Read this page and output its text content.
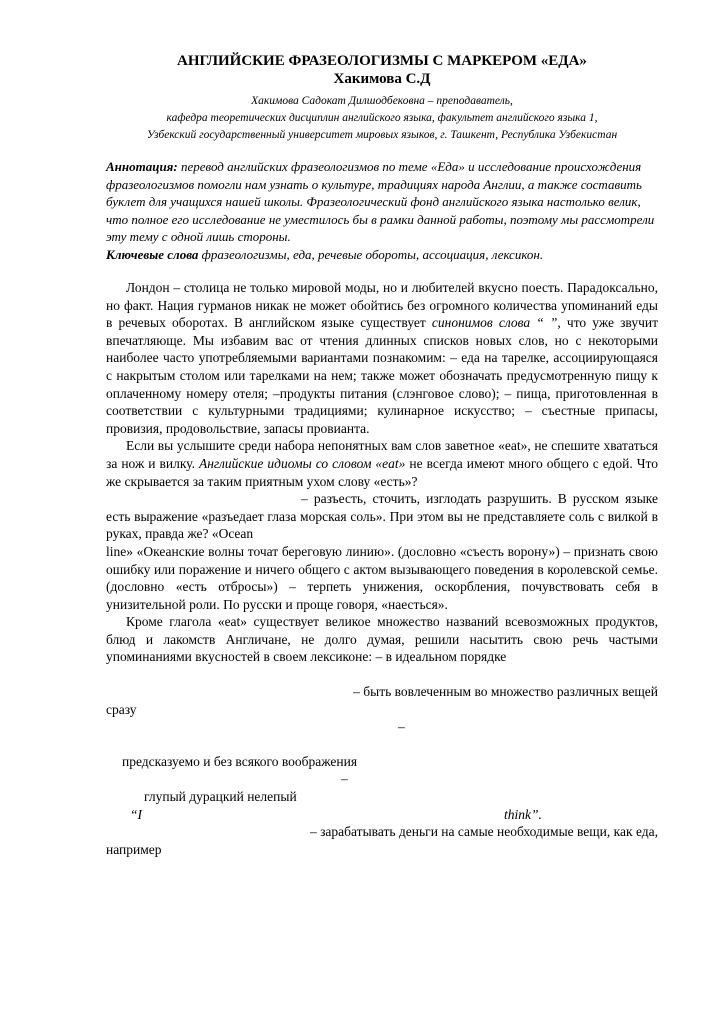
АНГЛИЙСКИЕ ФРАЗЕОЛОГИЗМЫ С МАРКЕРОМ «ЕДА»
Хакимова С.Д
Хакимова Садокат Дилшодбековна – преподаватель,
кафедра теоретических дисциплин английского языка, факультет английского языка 1,
Узбекский государственный университет мировых языков, г. Ташкент, Республика Узбекистан
Аннотация: перевод английских фразеологизмов по теме «Еда» и исследование происхождения фразеологизмов помогли нам узнать о культуре, традициях народа Англии, а также составить буклет для учащихся нашей школы. Фразеологический фонд английского языка настолько велик, что полное его исследование не уместилось бы в рамки данной работы, поэтому мы рассмотрели эту тему с одной лишь стороны.
Ключевые слова фразеологизмы, еда, речевые обороты, ассоциация, лексикон.

Лондон – столица не только мировой моды, но и любителей вкусно поесть. Парадоксально, но факт. Нация гурманов никак не может обойтись без огромного количества упоминаний еды в речевых оборотах. В английском языке существует синонимов слова “ ”, что уже звучит впечатляюще. Мы избавим вас от чтения длинных списков новых слов, но с некоторыми наиболее часто употребляемыми вариантами познакомим: – еда на тарелке, ассоциирующаяся с накрытым столом или тарелками на нем; также может обозначать предусмотренную пищу к оплаченному номеру отеля; –продукты питания (слэнговое слово); – пища, приготовленная в соответствии с культурными традициями; кулинарное искусство; – съестные припасы, провизия, продовольствие, запасы провианта.

Если вы услышите среди набора непонятных вам слов заветное «eat», не спешите хвататься за нож и вилку. Английские идиомы со словом «eat» не всегда имеют много общего с едой. Что же скрывается за таким приятным ухом слову «есть»?

– разъесть, сточить, изглодать разрушить. В русском языке есть выражение «разъедает глаза морская соль». При этом вы не представляете соль с вилкой в руках, правда же? «Ocean

line» «Океанские волны точат береговую линию». (дословно «съесть ворону») – признать свою ошибку или поражение и ничего общего с актом вызывающего поведения в королевской семье. (дословно «есть отбросы») – терпеть унижения, оскорбления, почувствовать себя в унизительной роли. По русски и проще говоря, «наесться».

Кроме глагола «eat» существует великое множество названий всевозможных продуктов, блюд и лакомств Англичане, не долго думая, решили насытить свою речь частыми упоминаниями вкусностей в своем лексиконе: – в идеальном порядке

– быть вовлеченным во множество различных вещей
сразу
–
предсказуемо и без всякого воображения
–
глупый дурацкий нелепый
“I	think”.
– зарабатывать деньги на самые необходимые вещи, как еда,
например
